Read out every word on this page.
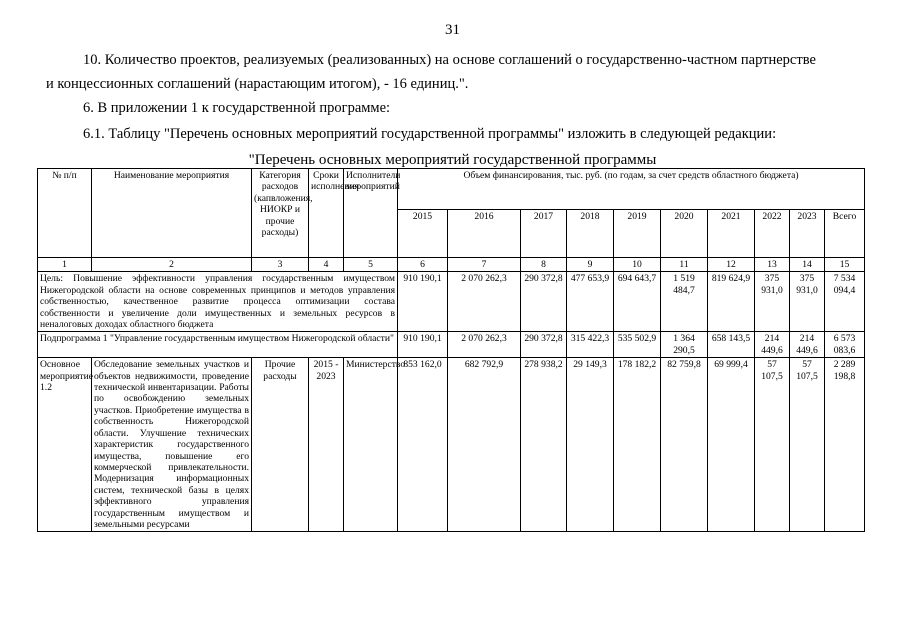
31
10. Количество проектов, реализуемых (реализованных) на основе соглашений о государственно-частном партнерстве
и концессионных соглашений (нарастающим итогом), - 16 единиц.".
6. В приложении 1 к государственной программе:
6.1. Таблицу "Перечень основных мероприятий государственной программы" изложить в следующей редакции:
"Перечень основных мероприятий государственной программы
№ п/п	Наименование мероприятия	Категория расходов (капвложения, НИОКР и прочие расходы)	Сроки исполнения	Исполнители мероприятий	Объем финансирования, тыс. руб. (по годам, за счет средств областного бюджета)									
					2015	2016	2017	2018	2019	2020	2021	2022	2023	Всего
1	2	3	4	5	6	7	8	9	10	11	12	13	14	15
Цель: Повышение эффективности управления государственным имуществом Нижегородской области на основе современных принципов и методов управления собственностью, качественное развитие процесса оптимизации состава собственности и увеличение доли имущественных и земельных ресурсов в неналоговых доходах областного бюджета					910 190,1	2 070 262,3	290 372,8	477 653,9	694 643,7	1 519 484,7	819 624,9	375 931,0	375 931,0	7 534 094,4
Подпрограмма 1 "Управление государственным имуществом Нижегородской области"					910 190,1	2 070 262,3	290 372,8	315 422,3	535 502,9	1 364 290,5	658 143,5	214 449,6	214 449,6	6 573 083,6
Основное мероприятие 1.2	Обследование земельных участков и объектов недвижимости, проведение технической инвентаризации. Работы по освобождению земельных участков. Приобретение имущества в собственность Нижегородской области. Улучшение технических характеристик государственного имущества, повышение его коммерческой привлекательности. Модернизация информационных систем, технической базы в целях эффективного управления государственным имуществом и земельными ресурсами	Прочие расходы	2015 - 2023	Министерство	853 162,0	682 792,9	278 938,2	29 149,3	178 182,2	82 759,8	69 999,4	57 107,5	57 107,5	2 289 198,8
